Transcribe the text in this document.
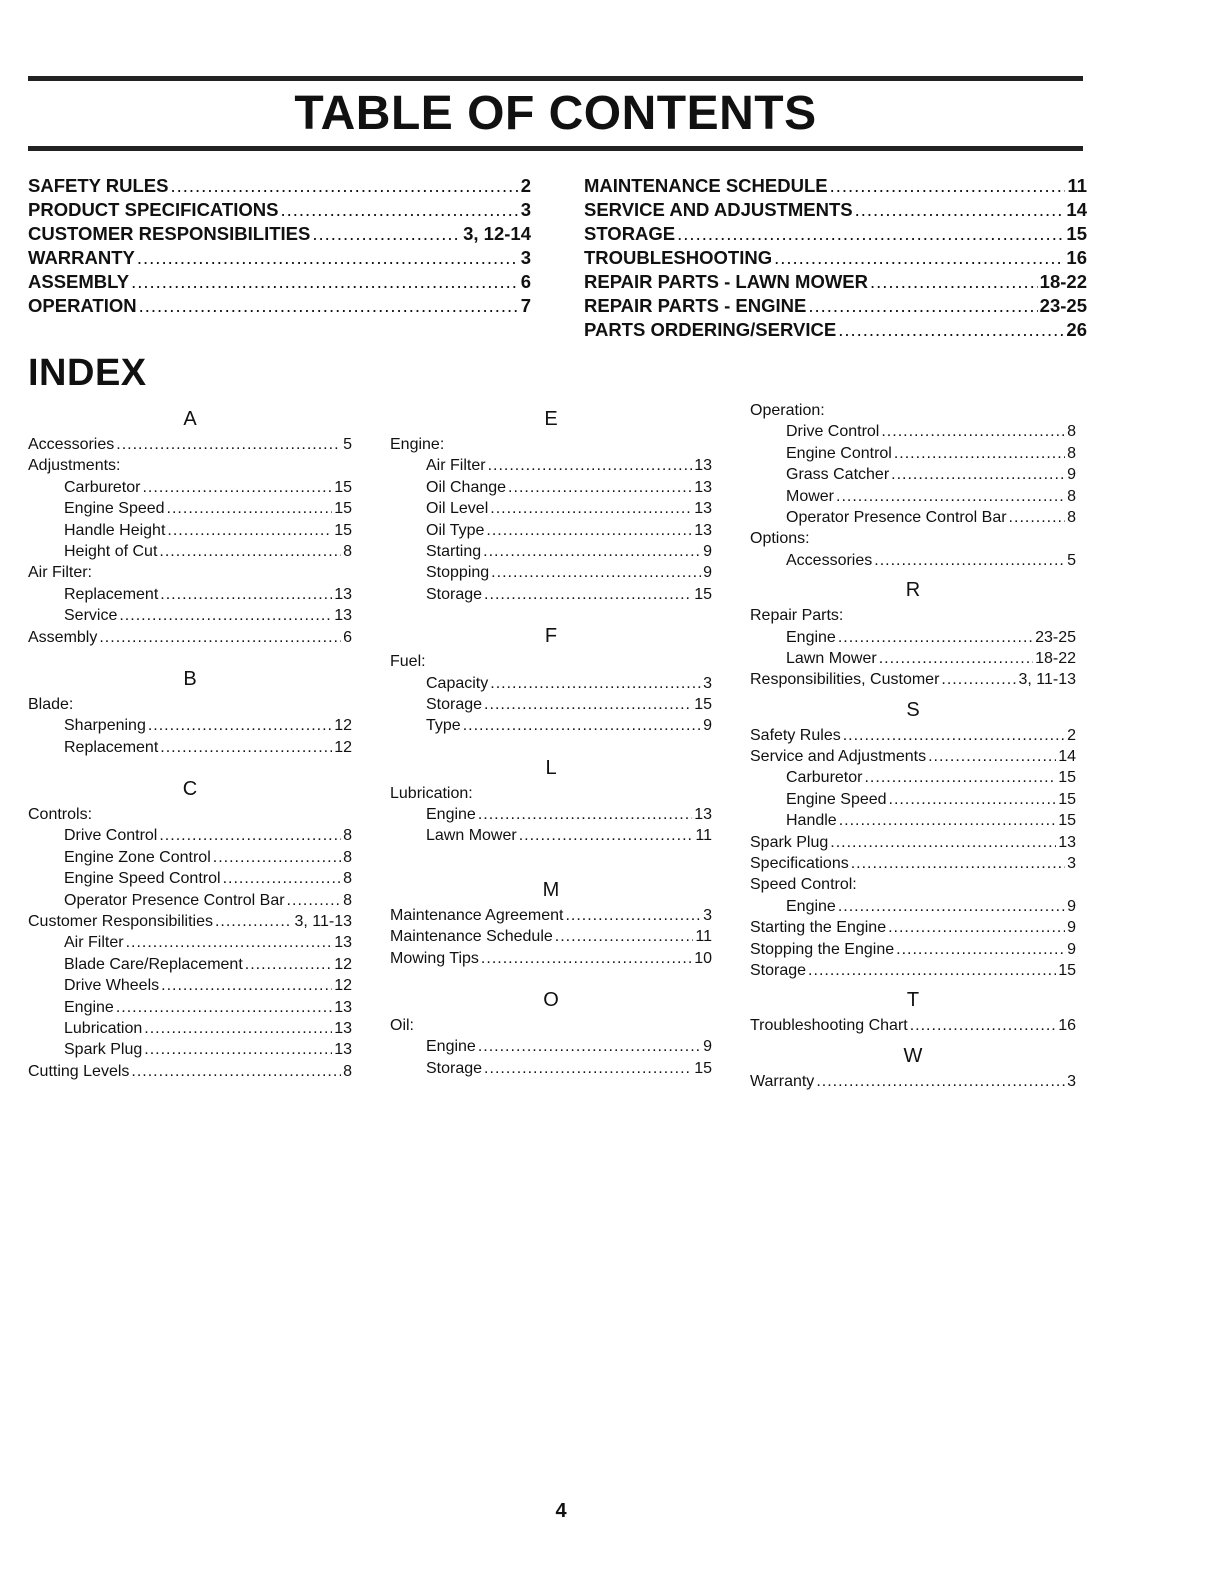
TABLE OF CONTENTS
SAFETY RULES .....	2
PRODUCT SPECIFICATIONS .....	3
CUSTOMER RESPONSIBILITIES .....	3, 12-14
WARRANTY .....	3
ASSEMBLY .....	6
OPERATION .....	7
MAINTENANCE SCHEDULE .....	11
SERVICE AND ADJUSTMENTS .....	14
STORAGE .....	15
TROUBLESHOOTING .....	16
REPAIR PARTS - LAWN MOWER .....	18-22
REPAIR PARTS - ENGINE .....	23-25
PARTS ORDERING/SERVICE .....	26
INDEX
A
Accessories .....	5
Adjustments:
Carburetor .....	15
Engine Speed .....	15
Handle Height .....	15
Height of Cut .....	8
Air Filter:
Replacement .....	13
Service .....	13
Assembly .....	6
B
Blade:
Sharpening .....	12
Replacement .....	12
C
Controls:
Drive Control .....	8
Engine Zone Control .....	8
Engine Speed Control .....	8
Operator Presence Control Bar .....	8
Customer Responsibilities .....	3, 11-13
Air Filter .....	13
Blade Care/Replacement .....	12
Drive Wheels .....	12
Engine .....	13
Lubrication .....	13
Spark Plug .....	13
Cutting Levels .....	8
E
Engine:
Air Filter .....	13
Oil Change .....	13
Oil Level .....	13
Oil Type .....	13
Starting .....	9
Stopping .....	9
Storage .....	15
F
Fuel:
Capacity .....	3
Storage .....	15
Type .....	9
L
Lubrication:
Engine .....	13
Lawn Mower .....	11
M
Maintenance Agreement .....	3
Maintenance Schedule .....	11
Mowing Tips .....	10
O
Oil:
Engine .....	9
Storage .....	15
Operation:
Drive Control .....	8
Engine Control .....	8
Grass Catcher .....	9
Mower .....	8
Operator Presence Control Bar .....	8
Options:
Accessories .....	5
R
Repair Parts:
Engine .....	23-25
Lawn Mower .....	18-22
Responsibilities, Customer .....	3, 11-13
S
Safety Rules .....	2
Service and Adjustments .....	14
Carburetor .....	15
Engine Speed .....	15
Handle .....	15
Spark Plug .....	13
Specifications .....	3
Speed Control:
Engine .....	9
Starting the Engine .....	9
Stopping the Engine .....	9
Storage .....	15
T
Troubleshooting Chart .....	16
W
Warranty .....	3
4
